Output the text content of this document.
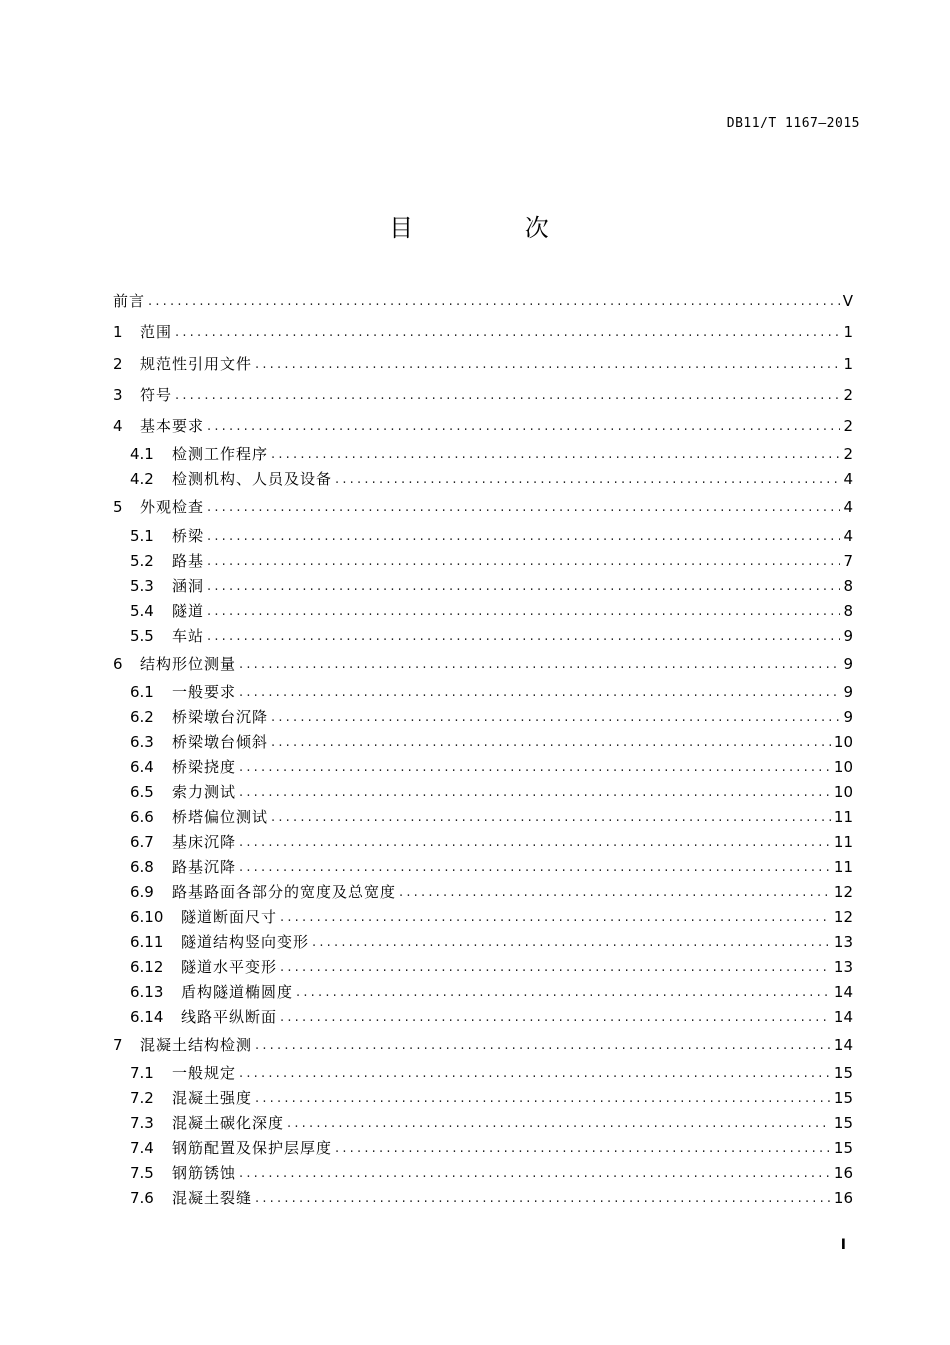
DB11/T 1167—2015
目 次
前言 .....	V
1	范围 .....	1
2	规范性引用文件 .....	1
3	符号 .....	2
4	基本要求 .....	2
4.1	检测工作程序 .....	2
4.2	检测机构、人员及设备 .....	4
5	外观检查 .....	4
5.1	桥梁 .....	4
5.2	路基 .....	7
5.3	涵洞 .....	8
5.4	隧道 .....	8
5.5	车站 .....	9
6	结构形位测量 .....	9
6.1	一般要求 .....	9
6.2	桥梁墩台沉降 .....	9
6.3	桥梁墩台倾斜 .....	10
6.4	桥梁挠度 .....	10
6.5	索力测试 .....	10
6.6	桥塔偏位测试 .....	11
6.7	基床沉降 .....	11
6.8	路基沉降 .....	11
6.9	路基路面各部分的宽度及总宽度 .....	12
6.10	隧道断面尺寸 .....	12
6.11	隧道结构竖向变形 .....	13
6.12	隧道水平变形 .....	13
6.13	盾构隧道椭圆度 .....	14
6.14	线路平纵断面 .....	14
7	混凝土结构检测 .....	14
7.1	一般规定 .....	15
7.2	混凝土强度 .....	15
7.3	混凝土碳化深度 .....	15
7.4	钢筋配置及保护层厚度 .....	15
7.5	钢筋锈蚀 .....	16
7.6	混凝土裂缝 .....	16
I
